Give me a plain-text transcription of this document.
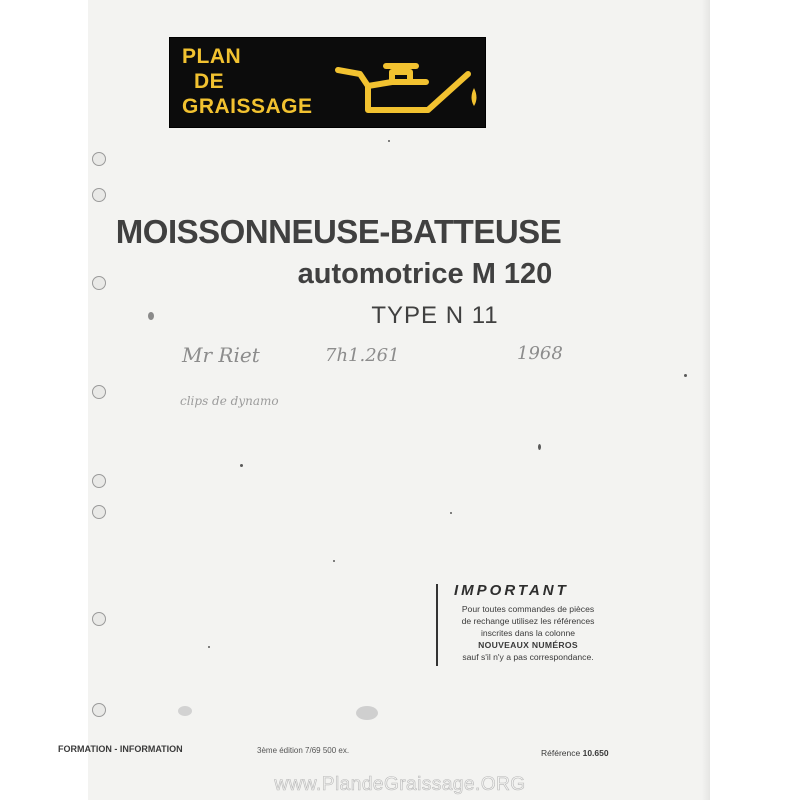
PLAN

DE
GRAISSAGE
MOISSONNEUSE-BATTEUSE
automotrice M 120
TYPE N 11
Mr Riet	7h1.261	1968
clips de dynamo
IMPORTANT
Pour toutes commandes de pièces
de rechange utilisez les références
inscrites dans la colonne
NOUVEAUX NUMÉROS
sauf s'il n'y a pas correspondance.
FORMATION - INFORMATION	3ème édition 7/69 500 ex.	Référence 10.650
www.PlandeGraissage.ORG
